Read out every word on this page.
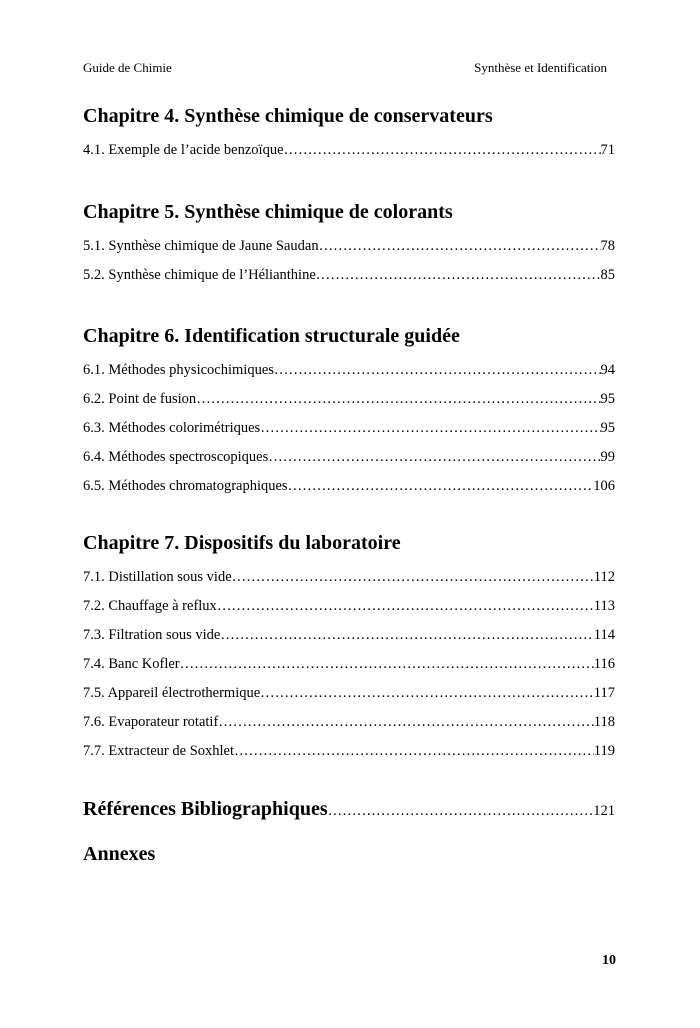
Guide de Chimie	Synthèse et Identification
Chapitre 4. Synthèse chimique de conservateurs
4.1. Exemple de l’acide benzoïque …………………………………………………………………………………………………………………………………………………………………………	71
Chapitre 5. Synthèse chimique de colorants
5.1. Synthèse chimique de Jaune Saudan …………………………………………………………………………………………………………………………………………………………………………	78
5.2. Synthèse chimique de l’Hélianthine …………………………………………………………………………………………………………………………………………………………………………	85
Chapitre 6. Identification structurale guidée
6.1. Méthodes physicochimiques …………………………………………………………………………………………………………………………………………………………………………	94
6.2. Point de fusion …………………………………………………………………………………………………………………………………………………………………………	95
6.3. Méthodes colorimétriques …………………………………………………………………………………………………………………………………………………………………………	95
6.4. Méthodes spectroscopiques …………………………………………………………………………………………………………………………………………………………………………	99
6.5. Méthodes chromatographiques …………………………………………………………………………………………………………………………………………………………………………	106
Chapitre 7. Dispositifs du laboratoire
7.1. Distillation sous vide …………………………………………………………………………………………………………………………………………………………………………	112
7.2. Chauffage à reflux …………………………………………………………………………………………………………………………………………………………………………	113
7.3. Filtration sous vide …………………………………………………………………………………………………………………………………………………………………………	114
7.4. Banc Kofler …………………………………………………………………………………………………………………………………………………………………………	116
7.5. Appareil électrothermique …………………………………………………………………………………………………………………………………………………………………………	117
7.6. Evaporateur rotatif …………………………………………………………………………………………………………………………………………………………………………	118
7.7. Extracteur de Soxhlet …………………………………………………………………………………………………………………………………………………………………………	119
Références Bibliographiques …………………………………………………………………………………………………………………………	121
Annexes
10
